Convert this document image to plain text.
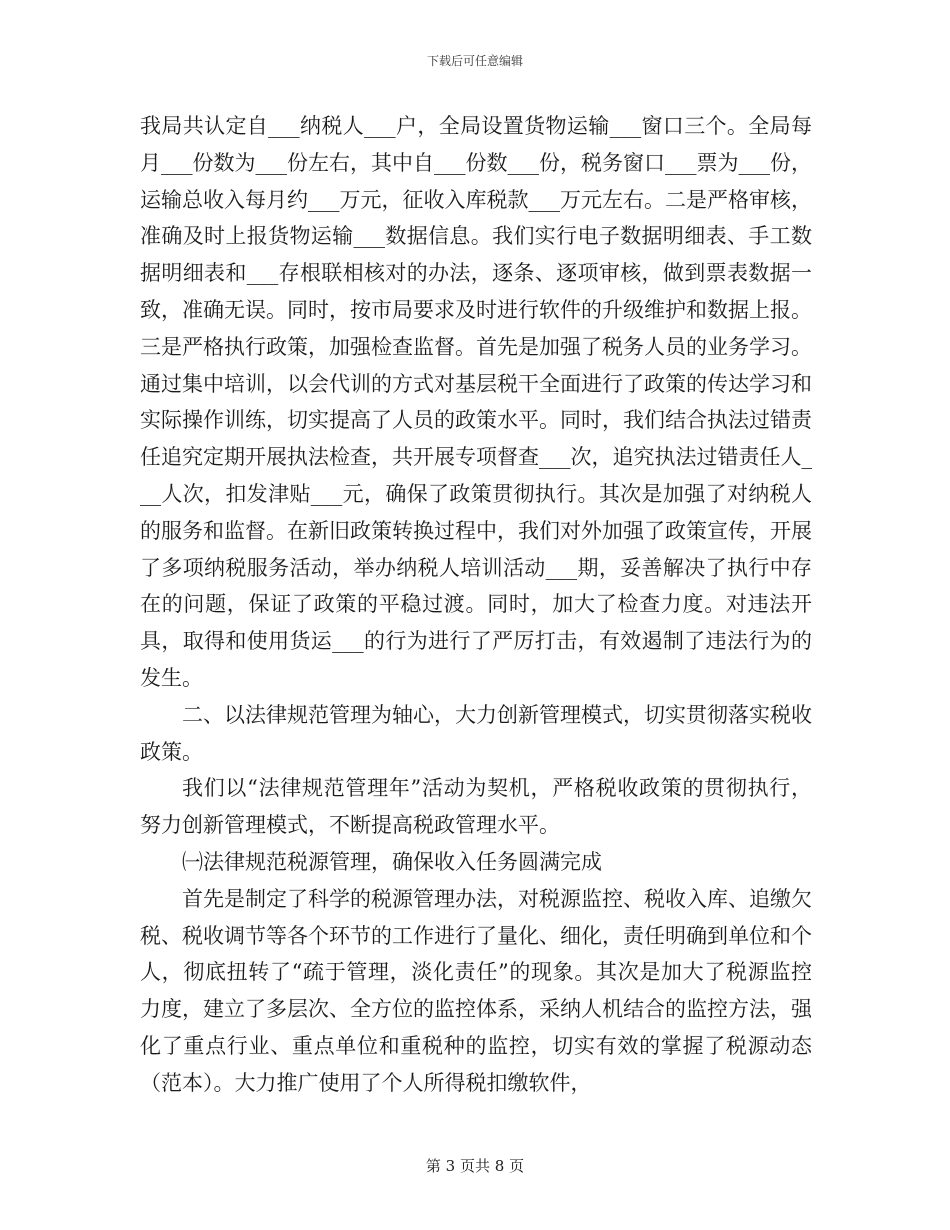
下载后可任意编辑

我局共认定自___纳税人___户，全局设置货物运输___窗口三个。全局每月___份数为___份左右，其中自___份数___份，税务窗口___票为___份，运输总收入每月约___万元，征收入库税款___万元左右。二是严格审核，准确及时上报货物运输___数据信息。我们实行电子数据明细表、手工数据明细表和___存根联相核对的办法，逐条、逐项审核，做到票表数据一致，准确无误。同时，按市局要求及时进行软件的升级维护和数据上报。三是严格执行政策，加强检查监督。首先是加强了税务人员的业务学习。通过集中培训，以会代训的方式对基层税干全面进行了政策的传达学习和实际操作训练，切实提高了人员的政策水平。同时，我们结合执法过错责任追究定期开展执法检查，共开展专项督查___次，追究执法过错责任人___人次，扣发津贴___元，确保了政策贯彻执行。其次是加强了对纳税人的服务和监督。在新旧政策转换过程中，我们对外加强了政策宣传，开展了多项纳税服务活动，举办纳税人培训活动___期，妥善解决了执行中存在的问题，保证了政策的平稳过渡。同时，加大了检查力度。对违法开具，取得和使用货运___的行为进行了严厉打击，有效遏制了违法行为的发生。

二、以法律规范管理为轴心，大力创新管理模式，切实贯彻落实税收政策。

我们以“法律规范管理年”活动为契机，严格税收政策的贯彻执行，努力创新管理模式，不断提高税政管理水平。

㈠法律规范税源管理，确保收入任务圆满完成

首先是制定了科学的税源管理办法，对税源监控、税收入库、追缴欠税、税收调节等各个环节的工作进行了量化、细化，责任明确到单位和个人，彻底扭转了“疏于管理，淡化责任”的现象。其次是加大了税源监控力度，建立了多层次、全方位的监控体系，采纳人机结合的监控方法，强化了重点行业、重点单位和重税种的监控，切实有效的掌握了税源动态（范本）。大力推广使用了个人所得税扣缴软件，

第 3 页共 8 页
